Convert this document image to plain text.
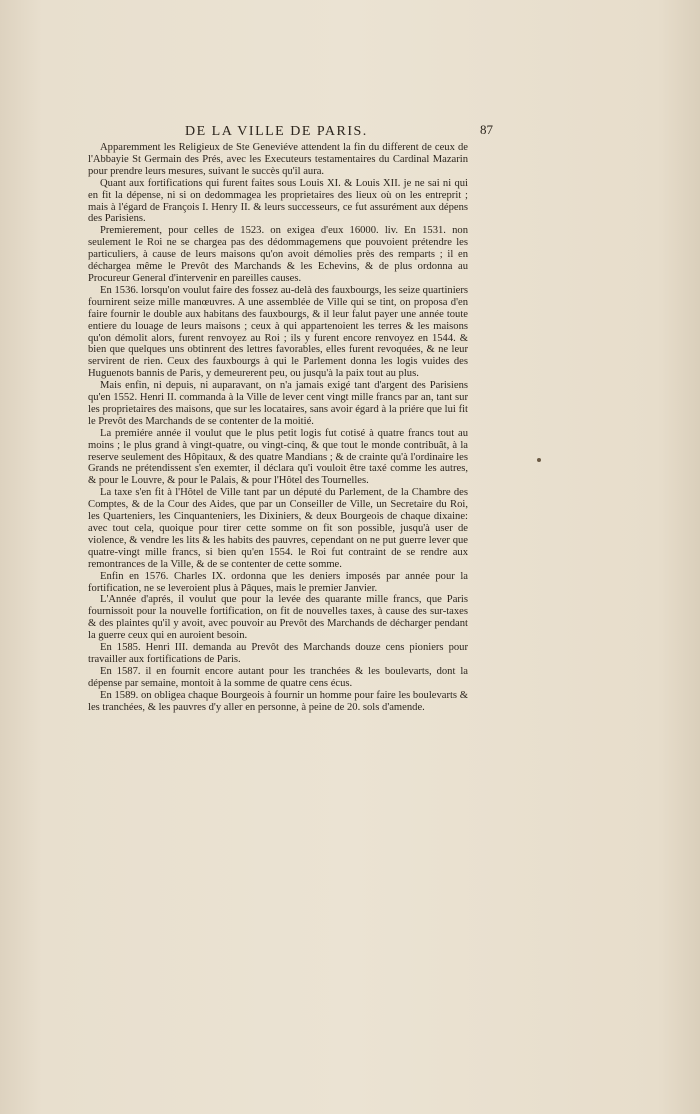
DE LA VILLE DE PARIS.	87

Apparemment les Religieux de Ste Geneviéve attendent la fin du different de ceux de l'Abbayie St Germain des Prés, avec les Executeurs testamentaires du Cardinal Mazarin pour prendre leurs mesures, suivant le succès qu'il aura.

Quant aux fortifications qui furent faites sous Louis XI. & Louis XII. je ne sai ni qui en fit la dépense, ni si on dedommagea les proprietaires des lieux où on les entreprit ; mais à l'égard de François I. Henry II. & leurs successeurs, ce fut assurément aux dépens des Parisiens.

Premierement, pour celles de 1523. on exigea d'eux 16000. liv. En 1531. non seulement le Roi ne se chargea pas des dédommagemens que pouvoient prétendre les particuliers, à cause de leurs maisons qu'on avoit démolies près des remparts ; il en déchargea même le Prevôt des Marchands & les Echevins, & de plus ordonna au Procureur General d'intervenir en pareilles causes.

En 1536. lorsqu'on voulut faire des fossez au-delà des fauxbourgs, les seize quartiniers fournirent seize mille manœuvres. A une assemblée de Ville qui se tint, on proposa d'en faire fournir le double aux habitans des fauxbourgs, & il leur falut payer une année toute entiere du louage de leurs maisons ; ceux à qui appartenoient les terres & les maisons qu'on démolit alors, furent renvoyez au Roi ; ils y furent encore renvoyez en 1544. & bien que quelques uns obtinrent des lettres favorables, elles furent revoquées, & ne leur servirent de rien. Ceux des fauxbourgs à qui le Parlement donna les logis vuides des Huguenots bannis de Paris, y demeurerent peu, ou jusqu'à la paix tout au plus.

Mais enfin, ni depuis, ni auparavant, on n'a jamais exigé tant d'argent des Parisiens qu'en 1552. Henri II. commanda à la Ville de lever cent vingt mille francs par an, tant sur les proprietaires des maisons, que sur les locataires, sans avoir égard à la priére que lui fit le Prevôt des Marchands de se contenter de la moitié.

La premiére année il voulut que le plus petit logis fut cotisé à quatre francs tout au moins ; le plus grand à vingt-quatre, ou vingt-cinq, & que tout le monde contribuât, à la reserve seulement des Hôpitaux, & des quatre Mandians ; & de crainte qu'à l'ordinaire les Grands ne prétendissent s'en exemter, il déclara qu'i vouloit être taxé comme les autres, & pour le Louvre, & pour le Palais, & pour l'Hôtel des Tournelles.

La taxe s'en fit à l'Hôtel de Ville tant par un député du Parlement, de la Chambre des Comptes, & de la Cour des Aides, que par un Conseiller de Ville, un Secretaire du Roi, les Quarteniers, les Cinquanteniers, les Dixiniers, & deux Bourgeois de chaque dixaine: avec tout cela, quoique pour tirer cette somme on fit son possible, jusqu'à user de violence, & vendre les lits & les habits des pauvres, cependant on ne put guerre lever que quatre-vingt mille francs, si bien qu'en 1554. le Roi fut contraint de se rendre aux remontrances de la Ville, & de se contenter de cette somme.

Enfin en 1576. Charles IX. ordonna que les deniers imposés par année pour la fortification, ne se leveroient plus à Pâques, mais le premier Janvier.

L'Année d'aprés, il voulut que pour la levée des quarante mille francs, que Paris fournissoit pour la nouvelle fortification, on fit de nouvelles taxes, à cause des sur-taxes & des plaintes qu'il y avoit, avec pouvoir au Prevôt des Marchands de décharger pendant la guerre ceux qui en auroient besoin.

En 1585. Henri III. demanda au Prevôt des Marchands douze cens pioniers pour travailler aux fortifications de Paris.

En 1587. il en fournit encore autant pour les tranchées & les boulevarts, dont la dépense par semaine, montoit à la somme de quatre cens écus.

En 1589. on obligea chaque Bourgeois à fournir un homme pour faire les boulevarts & les tranchées, & les pauvres d'y aller en personne, à peine de 20. sols d'amende.
